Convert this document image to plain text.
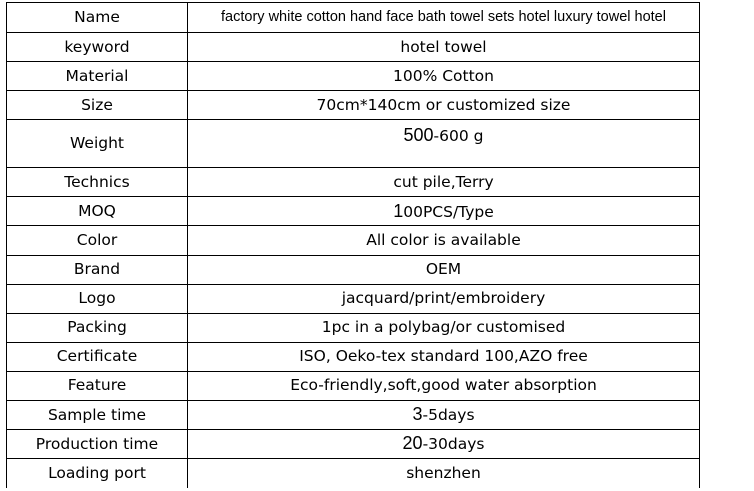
Name	factory white cotton hand face bath towel sets hotel luxury towel hotel
keyword	hotel towel
Material	100% Cotton
Size	70cm*140cm or customized size
Weight	500-600 g
Technics	cut pile,Terry
MOQ	100PCS/Type
Color	All color is available
Brand	OEM
Logo	jacquard/print/embroidery
Packing	1pc in a polybag/or customised
Certificate	ISO, Oeko-tex standard 100,AZO free
Feature	Eco-friendly,soft,good water absorption
Sample time	3-5days
Production time	20-30days
Loading port	shenzhen
